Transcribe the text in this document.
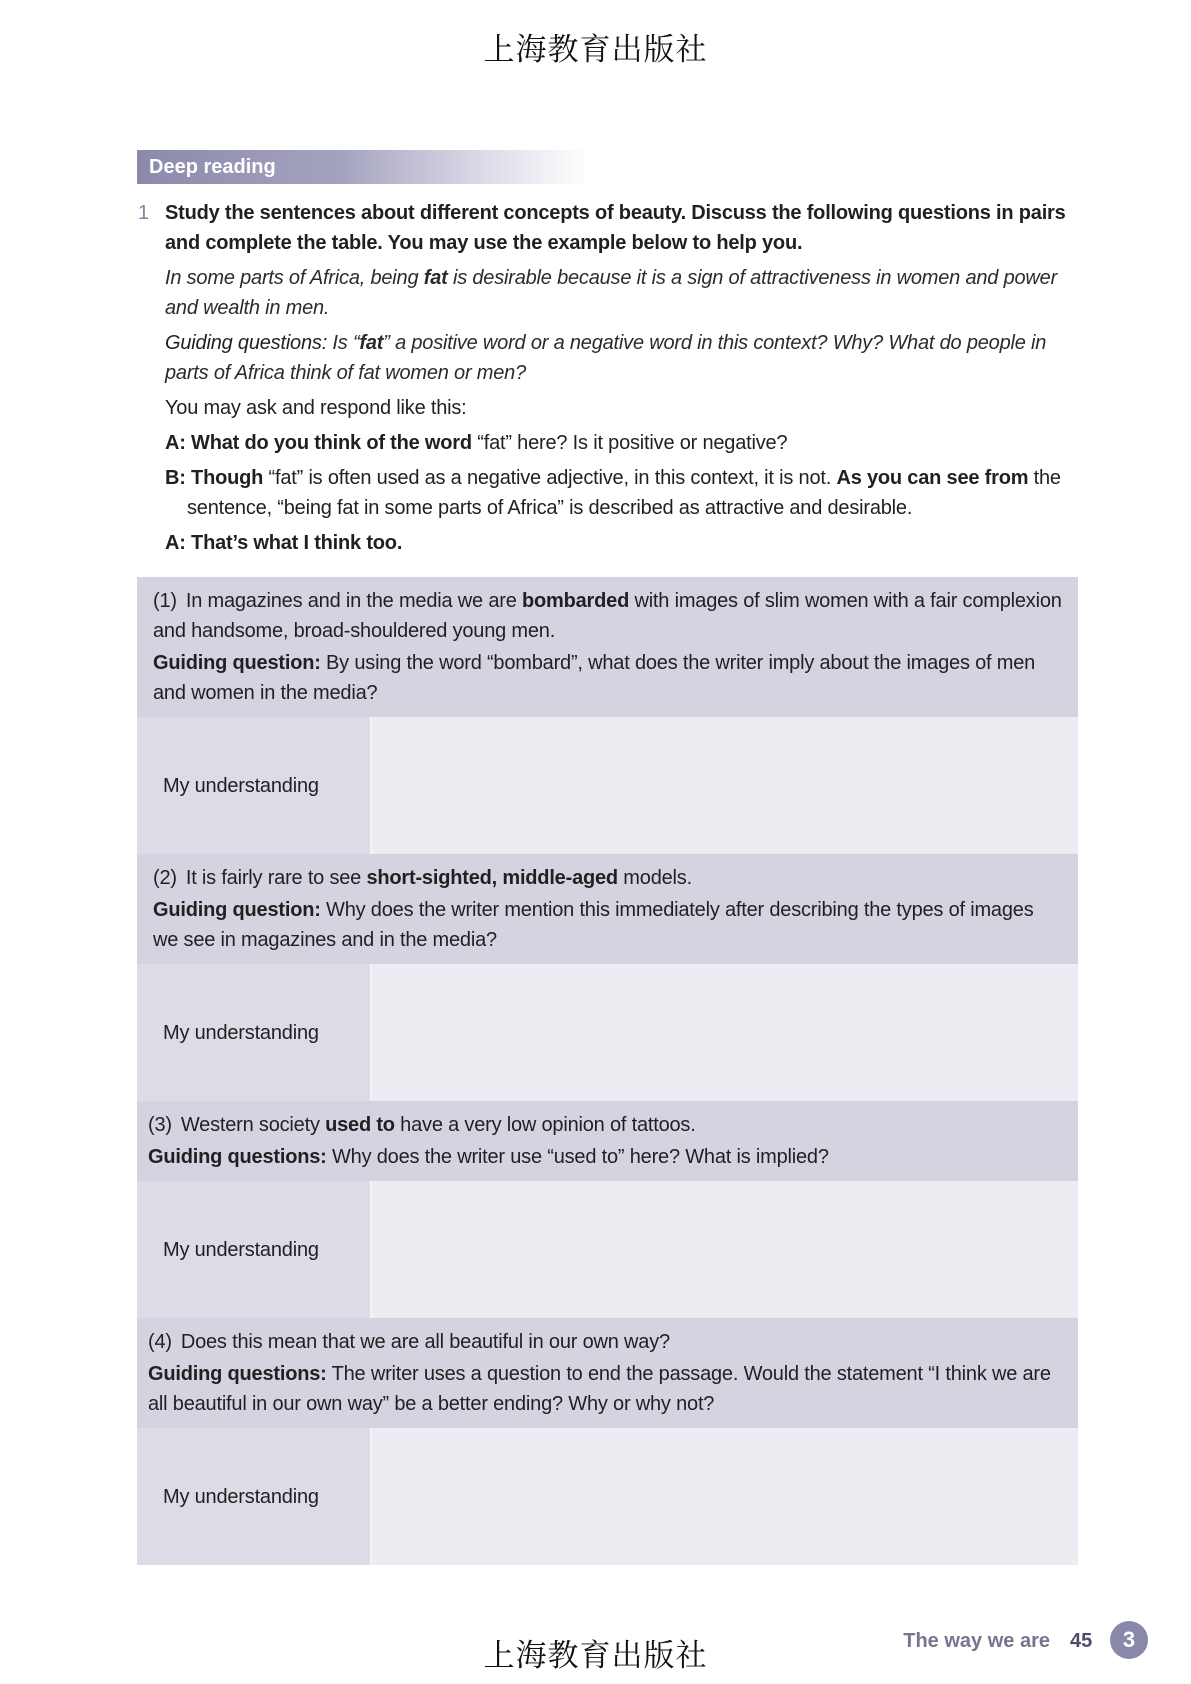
上海教育出版社
Deep reading
1 Study the sentences about different concepts of beauty. Discuss the following questions in pairs and complete the table. You may use the example below to help you.

In some parts of Africa, being fat is desirable because it is a sign of attractiveness in women and power and wealth in men.

Guiding questions: Is “fat” a positive word or a negative word in this context? Why? What do people in parts of Africa think of fat women or men?

You may ask and respond like this:

A: What do you think of the word “fat” here? Is it positive or negative?

B: Though “fat” is often used as a negative adjective, in this context, it is not. As you can see from the sentence, “being fat in some parts of Africa” is described as attractive and desirable.

A: That’s what I think too.

(1) In magazines and in the media we are bombarded with images of slim women with a fair complexion and handsome, broad-shouldered young men.

Guiding question: By using the word “bombard”, what does the writer imply about the images of men and women in the media?

My understanding

(2) It is fairly rare to see short-sighted, middle-aged models.

Guiding question: Why does the writer mention this immediately after describing the types of images we see in magazines and in the media?

My understanding

(3) Western society used to have a very low opinion of tattoos.

Guiding questions: Why does the writer use “used to” here? What is implied?

My understanding

(4) Does this mean that we are all beautiful in our own way?

Guiding questions: The writer uses a question to end the passage. Would the statement “I think we are all beautiful in our own way” be a better ending? Why or why not?

My understanding
上海教育出版社	The way we are 45	3
